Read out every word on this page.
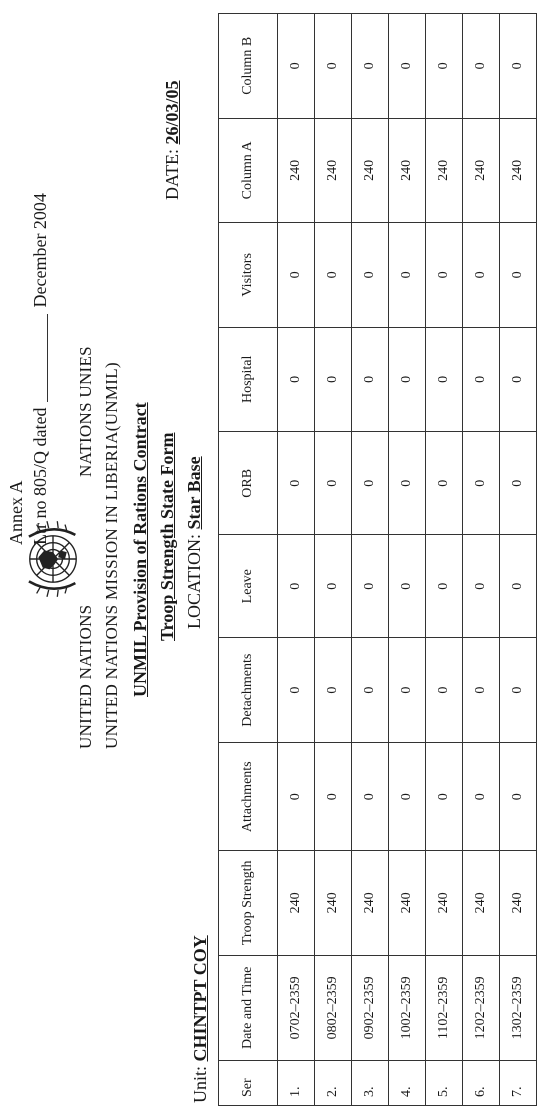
Annex A Ltr no 805/Q datedDecember 2004
UNITED NATIONS
NATIONS UNIES UNITED NATIONS MISSION IN LIBERIA(UNMIL) UNMIL Provision of Rations Contract Troop Strength State Form LOCATION: Star Base
Unit: CHINTPT COY
DATE: 26/03/05
Ser	Date and Time	Troop Strength	Attachments	Detachments	Leave	ORB	Hospital	Visitors	Column A	Column B
1.	0702–2359	240	0	0	0	0	0	0	240	0
2.	0802–2359	240	0	0	0	0	0	0	240	0
3.	0902–2359	240	0	0	0	0	0	0	240	0
4.	1002–2359	240	0	0	0	0	0	0	240	0
5.	1102–2359	240	0	0	0	0	0	0	240	0
6.	1202–2359	240	0	0	0	0	0	0	240	0
7.	1302–2359	240	0	0	0	0	0	0	240	0
